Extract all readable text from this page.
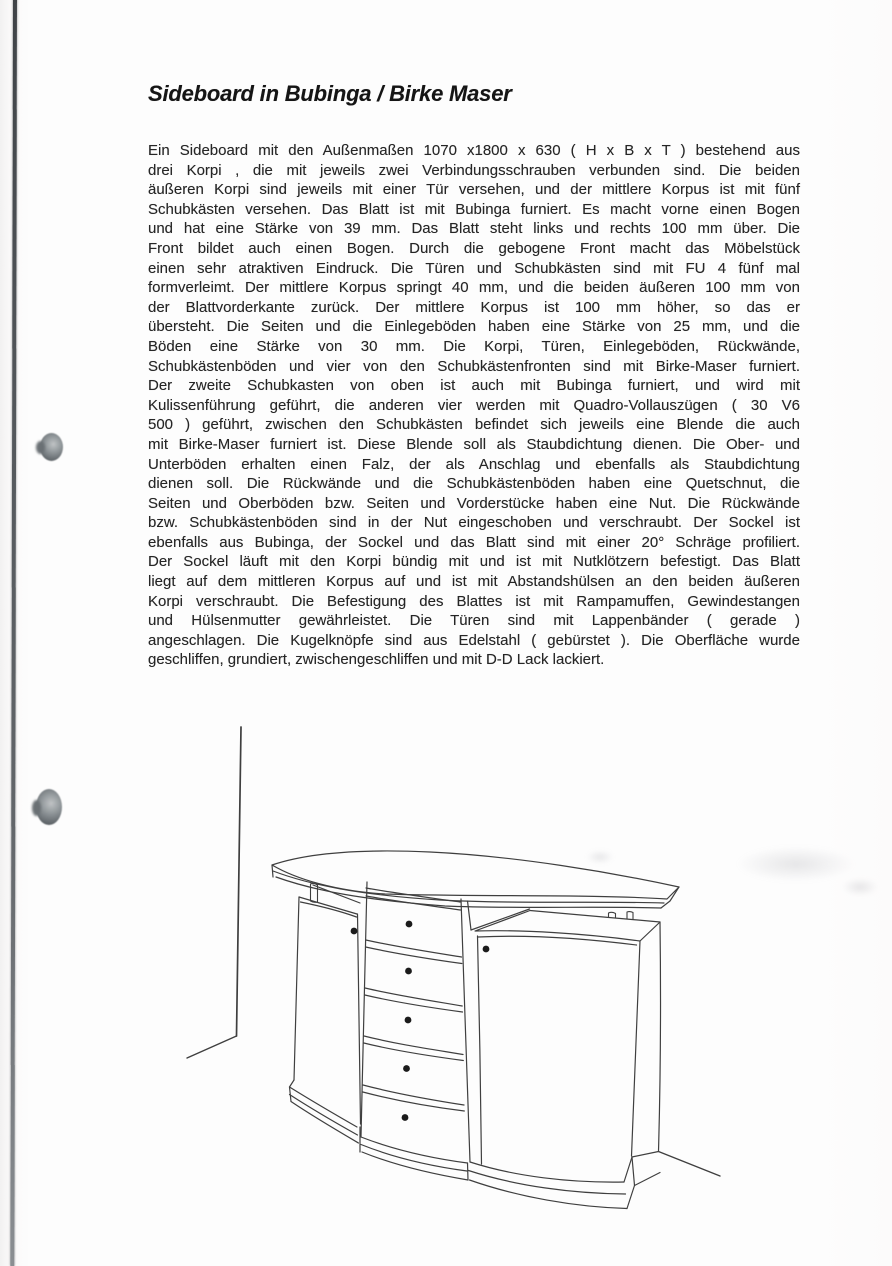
Sideboard in Bubinga / Birke Maser
Ein Sideboard mit den Außenmaßen 1070 x1800 x 630 ( H x B x T ) bestehend aus
drei Korpi , die mit jeweils zwei Verbindungsschrauben verbunden sind. Die beiden
äußeren Korpi sind jeweils mit einer Tür versehen, und der mittlere Korpus ist mit fünf
Schubkästen versehen. Das Blatt ist mit Bubinga furniert. Es macht vorne einen Bogen
und hat eine Stärke von 39 mm. Das Blatt steht links und rechts 100 mm über. Die
Front bildet auch einen Bogen. Durch die gebogene Front macht das Möbelstück
einen sehr atraktiven Eindruck. Die Türen und Schubkästen sind mit FU 4 fünf mal
formverleimt. Der mittlere Korpus springt 40 mm, und die beiden äußeren 100 mm von
der Blattvorderkante zurück. Der mittlere Korpus ist 100 mm höher, so das er
übersteht. Die Seiten und die Einlegeböden haben eine Stärke von 25 mm, und die
Böden eine Stärke von 30 mm. Die Korpi, Türen, Einlegeböden, Rückwände,
Schubkästenböden und vier von den Schubkästenfronten sind mit Birke-Maser furniert.
Der zweite Schubkasten von oben ist auch mit Bubinga furniert, und wird mit
Kulissenführung geführt, die anderen vier werden mit Quadro-Vollauszügen ( 30 V6
500 ) geführt, zwischen den Schubkästen befindet sich jeweils eine Blende die auch
mit Birke-Maser furniert ist. Diese Blende soll als Staubdichtung dienen. Die Ober- und
Unterböden erhalten einen Falz, der als Anschlag und ebenfalls als Staubdichtung
dienen soll. Die Rückwände und die Schubkästenböden haben eine Quetschnut, die
Seiten und Oberböden bzw. Seiten und Vorderstücke haben eine Nut. Die Rückwände
bzw. Schubkästenböden sind in der Nut eingeschoben und verschraubt. Der Sockel ist
ebenfalls aus Bubinga, der Sockel und das Blatt sind mit einer 20° Schräge profiliert.
Der Sockel läuft mit den Korpi bündig mit und ist mit Nutklötzern befestigt. Das Blatt
liegt auf dem mittleren Korpus auf und ist mit Abstandshülsen an den beiden äußeren
Korpi verschraubt. Die Befestigung des Blattes ist mit Rampamuffen, Gewindestangen
und Hülsenmutter gewährleistet. Die Türen sind mit Lappenbänder ( gerade )
angeschlagen. Die Kugelknöpfe sind aus Edelstahl ( gebürstet ). Die Oberfläche wurde
geschliffen, grundiert, zwischengeschliffen und mit D-D Lack lackiert.
